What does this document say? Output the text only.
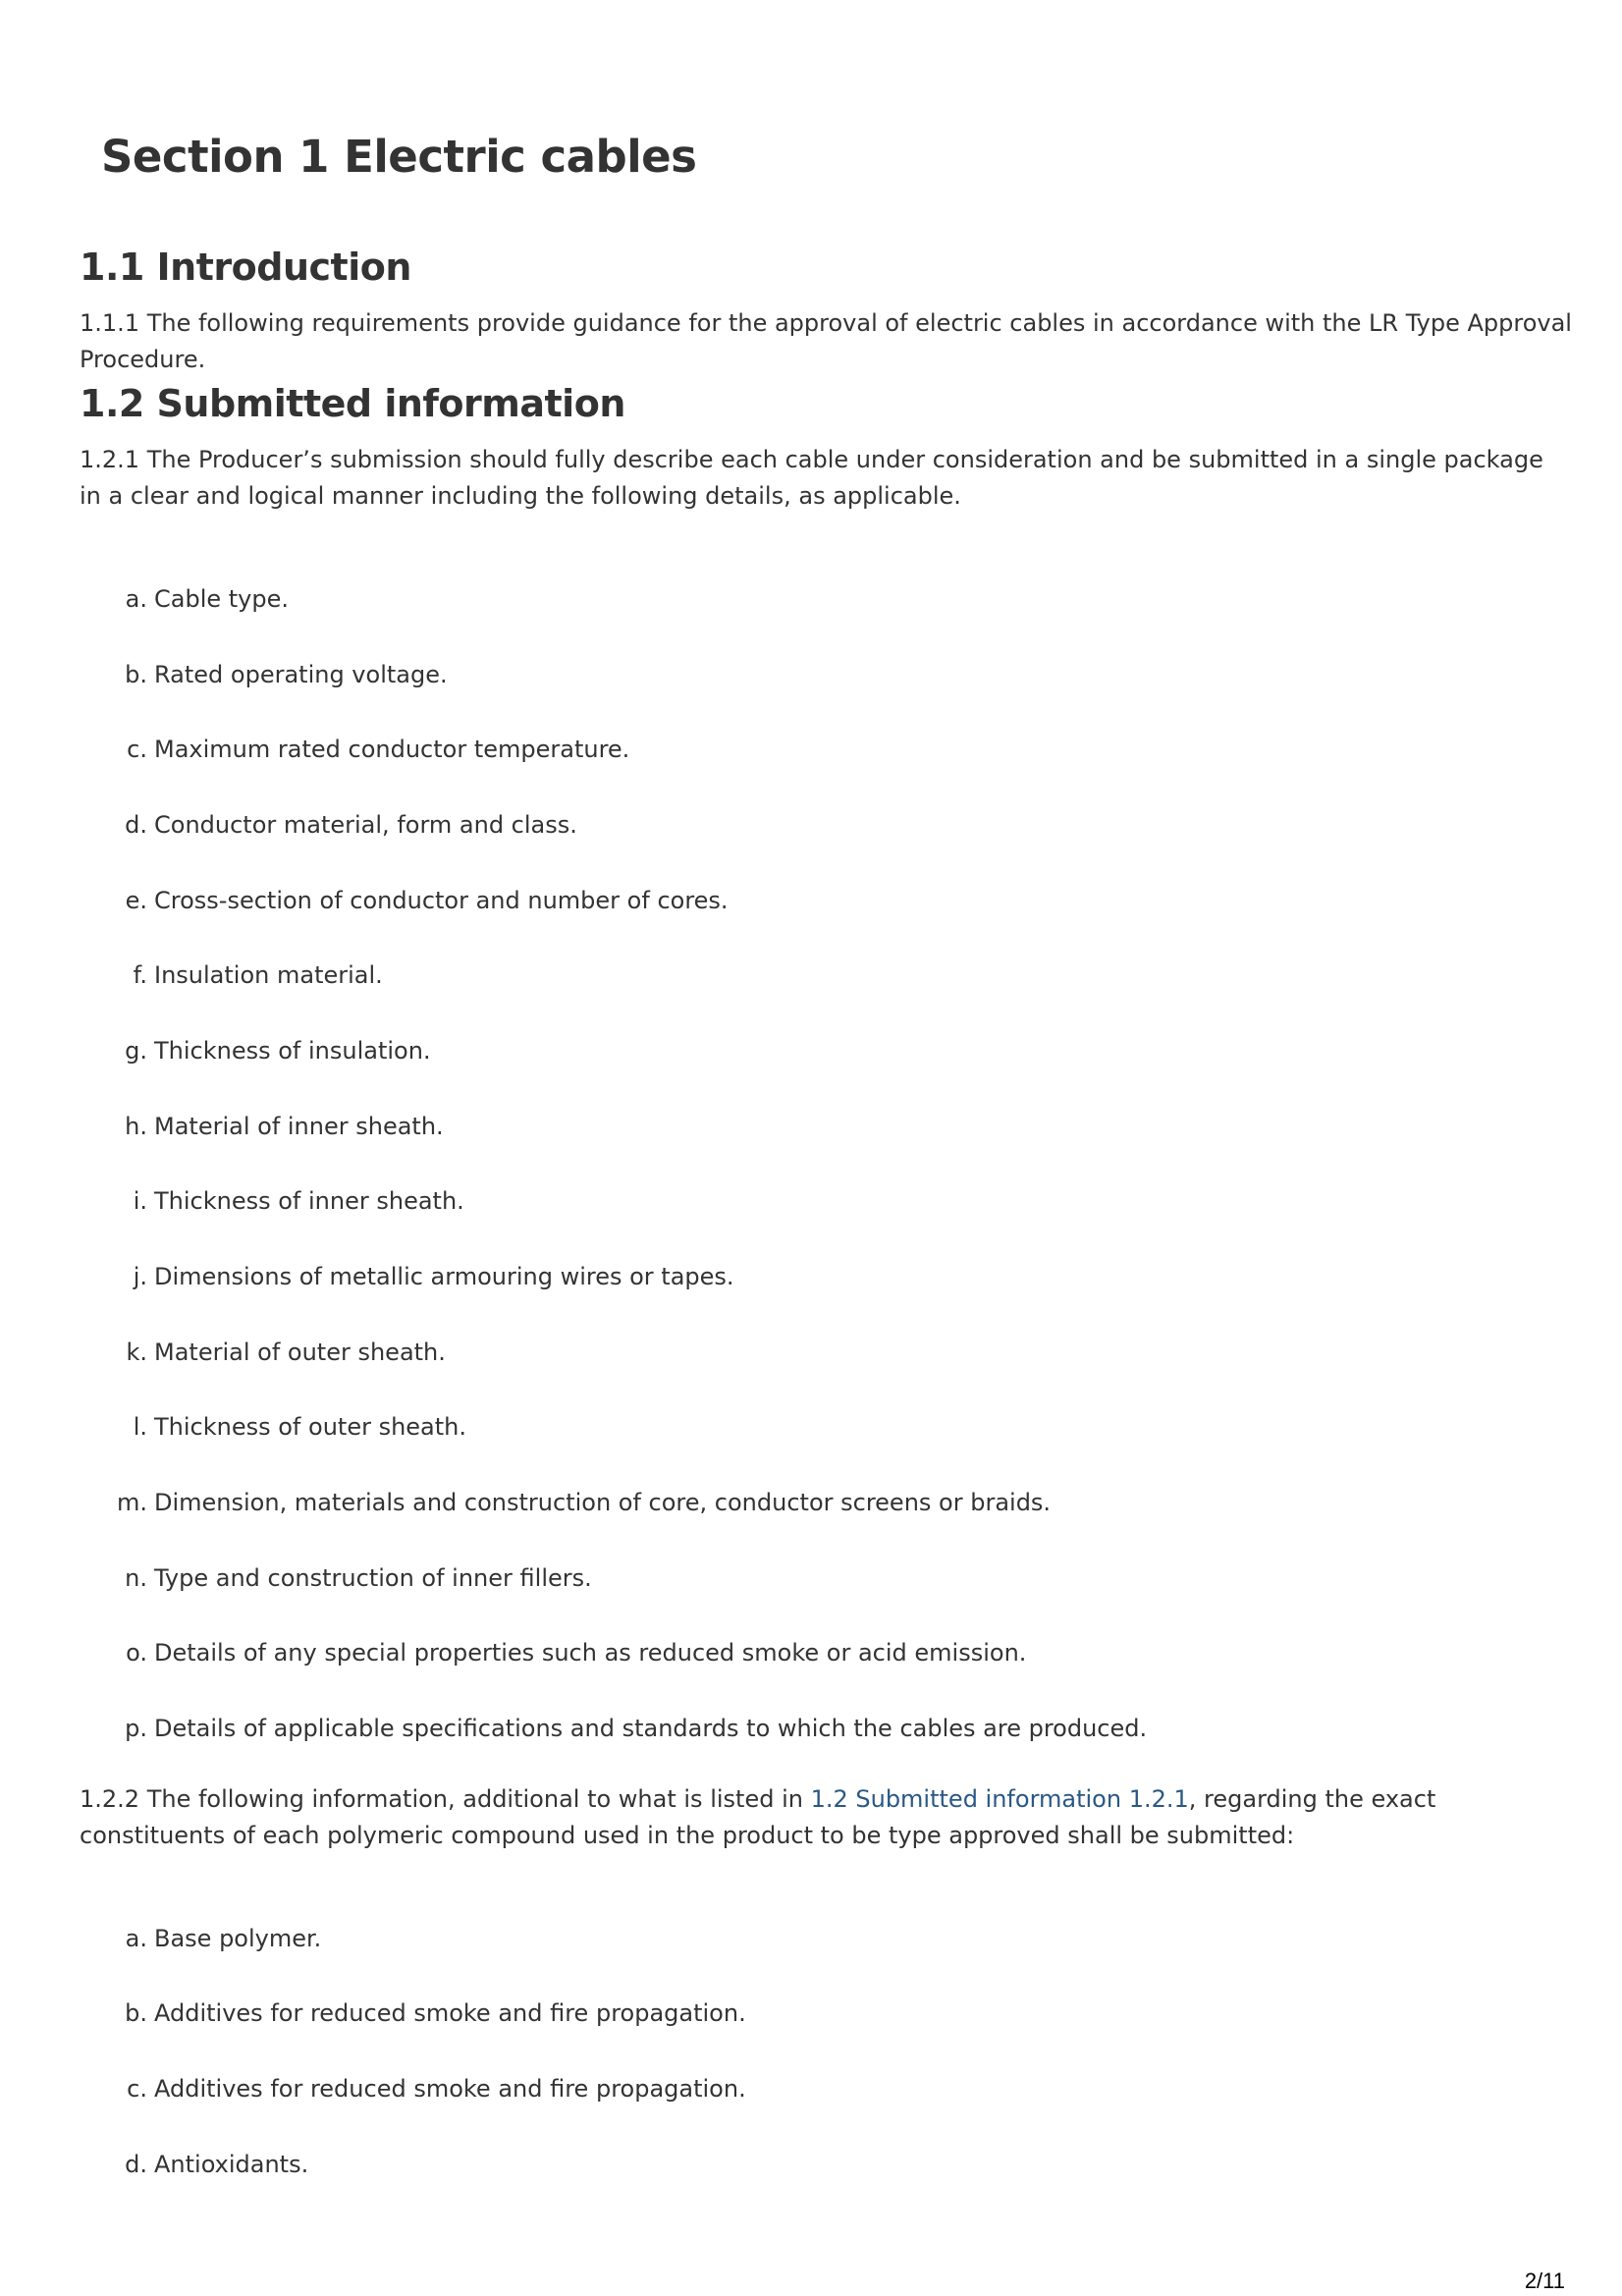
Section 1 Electric cables
1.1 Introduction

1.1.1 The following requirements provide guidance for the approval of electric cables in accordance with the LR Type Approval Procedure.

1.2 Submitted information

1.2.1 The Producer’s submission should fully describe each cable under consideration and be submitted in a single package in a clear and logical manner including the following details, as applicable.

a. Cable type.
b. Rated operating voltage.
c. Maximum rated conductor temperature.
d. Conductor material, form and class.
e. Cross-section of conductor and number of cores.
f. Insulation material.
g. Thickness of insulation.
h. Material of inner sheath.
i. Thickness of inner sheath.
j. Dimensions of metallic armouring wires or tapes.
k. Material of outer sheath.
l. Thickness of outer sheath.
m. Dimension, materials and construction of core, conductor screens or braids.
n. Type and construction of inner fillers.
o. Details of any special properties such as reduced smoke or acid emission.
p. Details of applicable specifications and standards to which the cables are produced.

1.2.2 The following information, additional to what is listed in 1.2 Submitted information 1.2.1, regarding the exact constituents of each polymeric compound used in the product to be type approved shall be submitted:

a. Base polymer.
b. Additives for reduced smoke and fire propagation.
c. Additives for reduced smoke and fire propagation.
d. Antioxidants.
2/11
